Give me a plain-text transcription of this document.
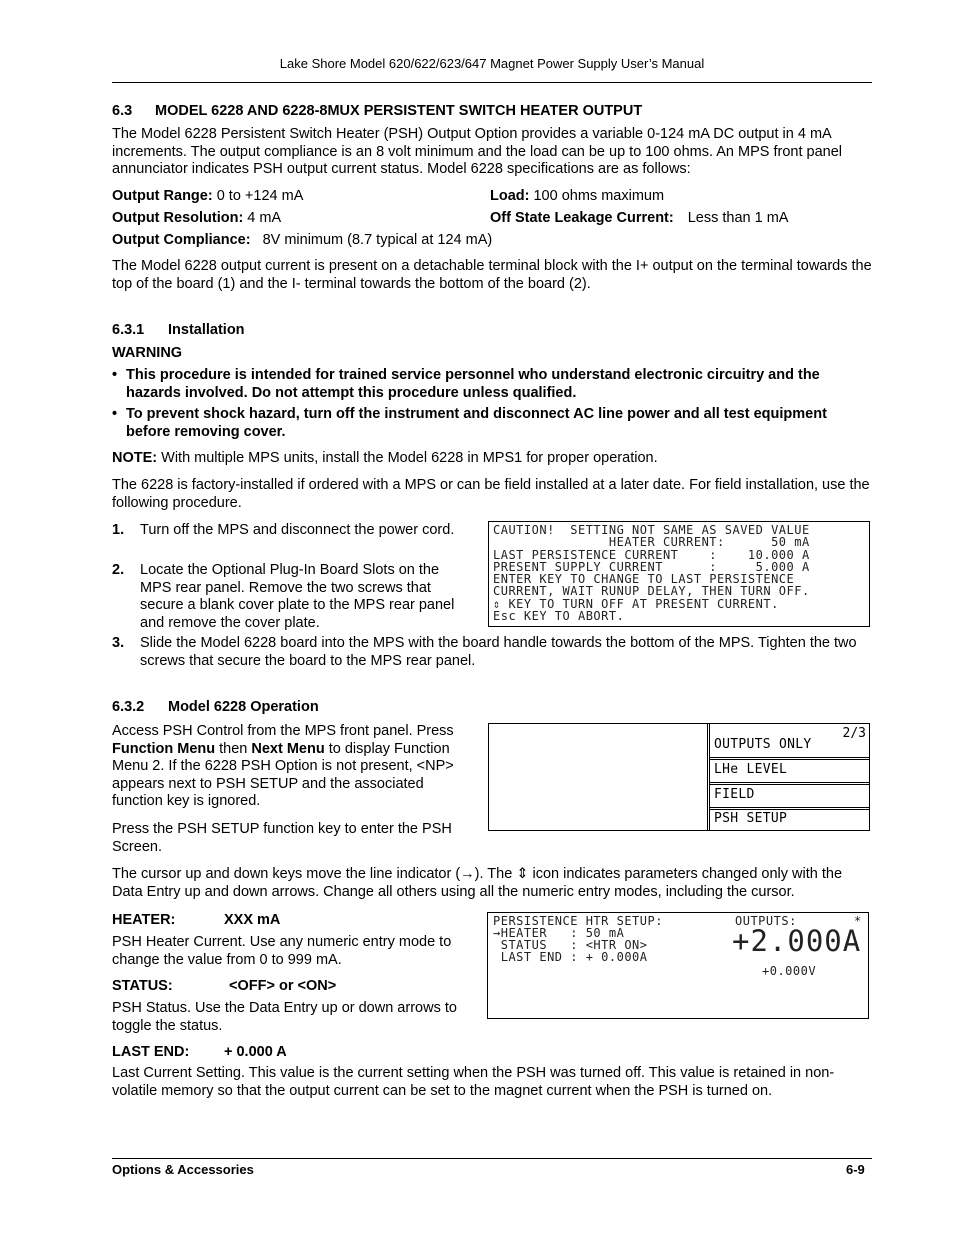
Lake Shore Model 620/622/623/647 Magnet Power Supply User’s Manual
6.3 MODEL 6228 AND 6228-8MUX PERSISTENT SWITCH HEATER OUTPUT
The Model 6228 Persistent Switch Heater (PSH) Output Option provides a variable 0-124 mA DC output in 4 mA increments. The output compliance is an 8 volt minimum and the load can be up to 100 ohms. An MPS front panel annunciator indicates PSH output current status. Model 6228 specifications are as follows:
Output Range: 0 to +124 mA	Load: 100 ohms maximum
Output Resolution: 4 mA	Off State Leakage Current: Less than 1 mA
Output Compliance: 8V minimum (8.7 typical at 124 mA)
The Model 6228 output current is present on a detachable terminal block with the I+ output on the terminal towards the top of the board (1) and the I- terminal towards the bottom of the board (2).
6.3.1 Installation
WARNING
• This procedure is intended for trained service personnel who understand electronic circuitry and the hazards involved. Do not attempt this procedure unless qualified.
• To prevent shock hazard, turn off the instrument and disconnect AC line power and all test equipment before removing cover.
NOTE: With multiple MPS units, install the Model 6228 in MPS1 for proper operation.
The 6228 is factory-installed if ordered with a MPS or can be field installed at a later date. For field installation, use the following procedure.
1. Turn off the MPS and disconnect the power cord.
2. Locate the Optional Plug-In Board Slots on the MPS rear panel. Remove the two screws that secure a blank cover plate to the MPS rear panel and remove the cover plate.
3. Slide the Model 6228 board into the MPS with the board handle towards the bottom of the MPS. Tighten the two screws that secure the board to the MPS rear panel.
CAUTION!  SETTING NOT SAME AS SAVED VALUE
HEATER CURRENT:      50 mA
LAST PERSISTENCE CURRENT    :    10.000 A
PRESENT SUPPLY CURRENT      :     5.000 A
ENTER KEY TO CHANGE TO LAST PERSISTENCE
CURRENT, WAIT RUNUP DELAY, THEN TURN OFF.
⇕ KEY TO TURN OFF AT PRESENT CURRENT.
Esc KEY TO ABORT.
6.3.2 Model 6228 Operation
Access PSH Control from the MPS front panel. Press Function Menu then Next Menu to display Function Menu 2. If the 6228 PSH Option is not present, <NP> appears next to PSH SETUP and the associated function key is ignored.
Press the PSH SETUP function key to enter the PSH Screen.
2/3
OUTPUTS ONLY
LHe LEVEL
FIELD
PSH SETUP
The cursor up and down keys move the line indicator (→). The ⇕ icon indicates parameters changed only with the Data Entry up and down arrows. Change all others using all the numeric entry modes, including the cursor.
HEATER:	XXX mA
PSH Heater Current. Use any numeric entry mode to change the value from 0 to 999 mA.
STATUS:	<OFF> or <ON>
PSH Status. Use the Data Entry up or down arrows to toggle the status.

PERSISTENCE HTR SETUP:

→HEATER   : 50 mA

STATUS   : <HTR ON>

LAST END : + 0.000A

OUTPUTS:

	*

+2.000A

+0.000V

LAST END: + 0.000 A
Last Current Setting. This value is the current setting when the PSH was turned off. This value is retained in non-volatile memory so that the output current can be set to the magnet current when the PSH is turned on.
Options & Accessories	6-9
